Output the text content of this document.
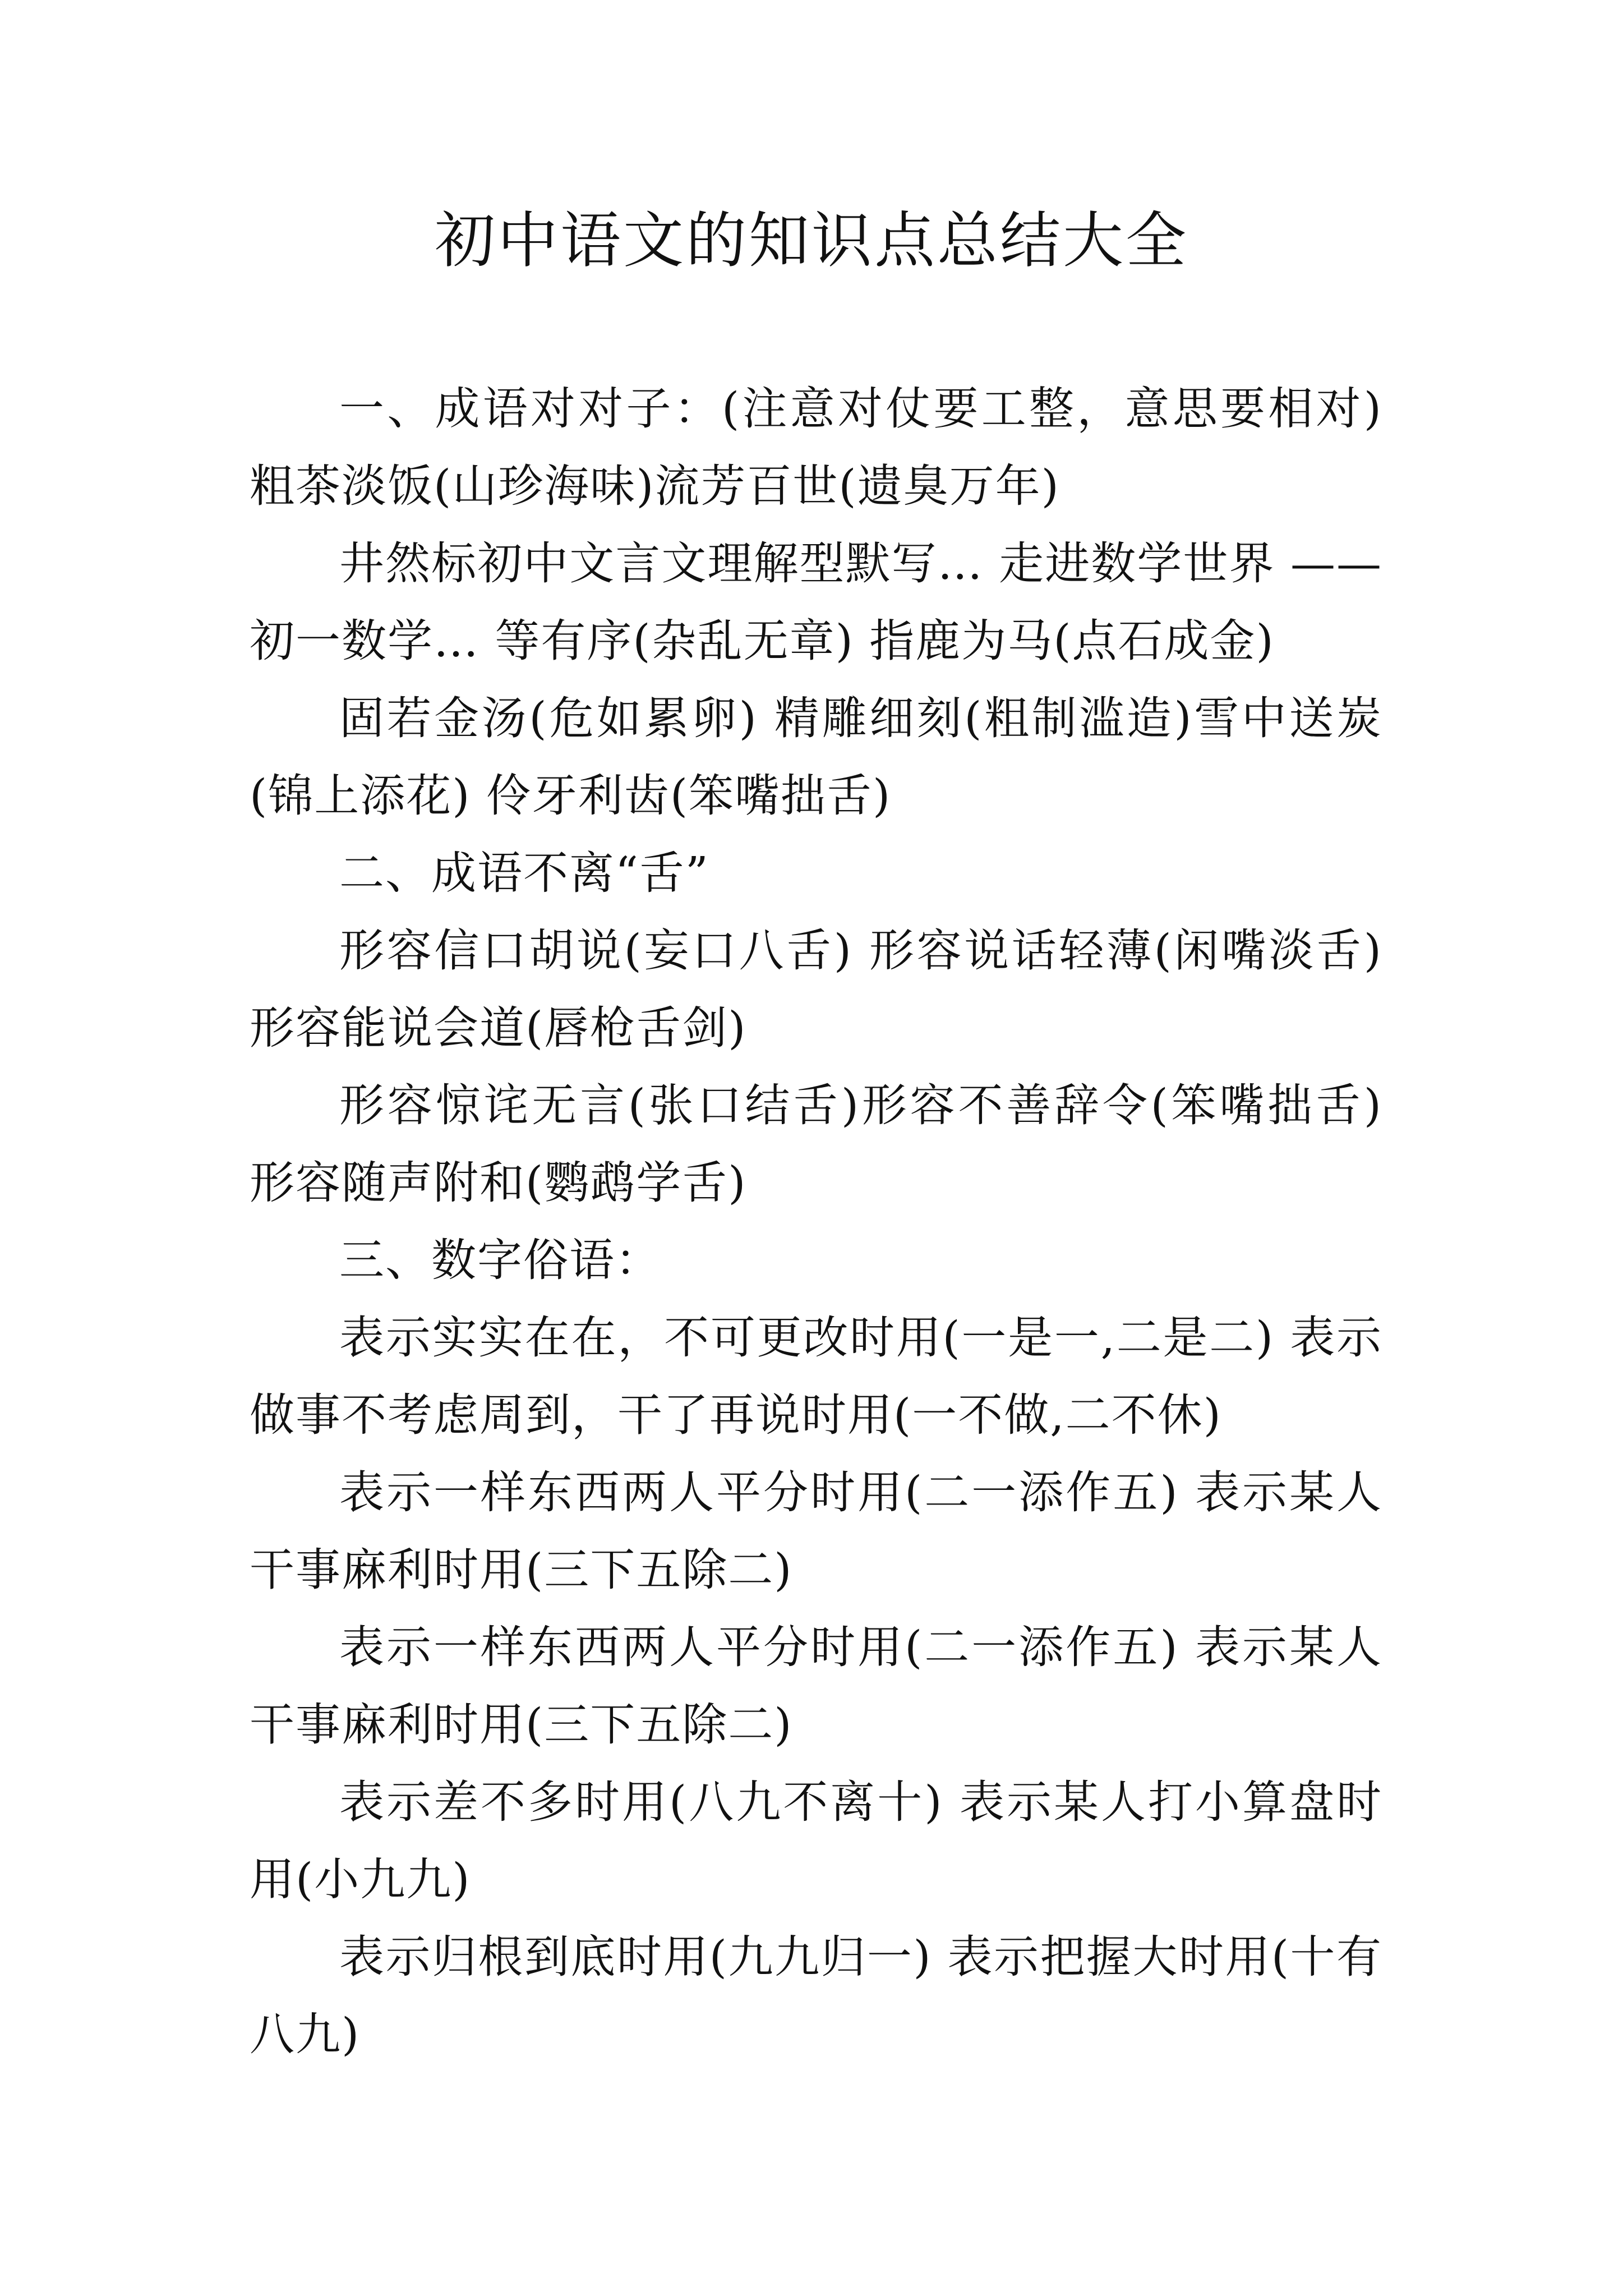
初中语文的知识点总结大全

一、成语对对子：(注意对仗要工整，意思要相对)粗茶淡饭(山珍海味)流芳百世(遗臭万年)

井然标初中文言文理解型默写… 走进数学世界 ——初一数学… 等有序(杂乱无章) 指鹿为马(点石成金)

固若金汤(危如累卵) 精雕细刻(粗制滥造)雪中送炭(锦上添花) 伶牙利齿(笨嘴拙舌)

二、成语不离“舌”

形容信口胡说(妄口八舌) 形容说话轻薄(闲嘴淡舌)形容能说会道(唇枪舌剑)

形容惊诧无言(张口结舌)形容不善辞令(笨嘴拙舌) 形容随声附和(鹦鹉学舌)

三、数字俗语：

表示实实在在，不可更改时用(一是一,二是二) 表示做事不考虑周到，干了再说时用(一不做,二不休)

表示一样东西两人平分时用(二一添作五) 表示某人干事麻利时用(三下五除二)

表示一样东西两人平分时用(二一添作五) 表示某人干事麻利时用(三下五除二)

表示差不多时用(八九不离十) 表示某人打小算盘时用(小九九)

表示归根到底时用(九九归一) 表示把握大时用(十有八九)
